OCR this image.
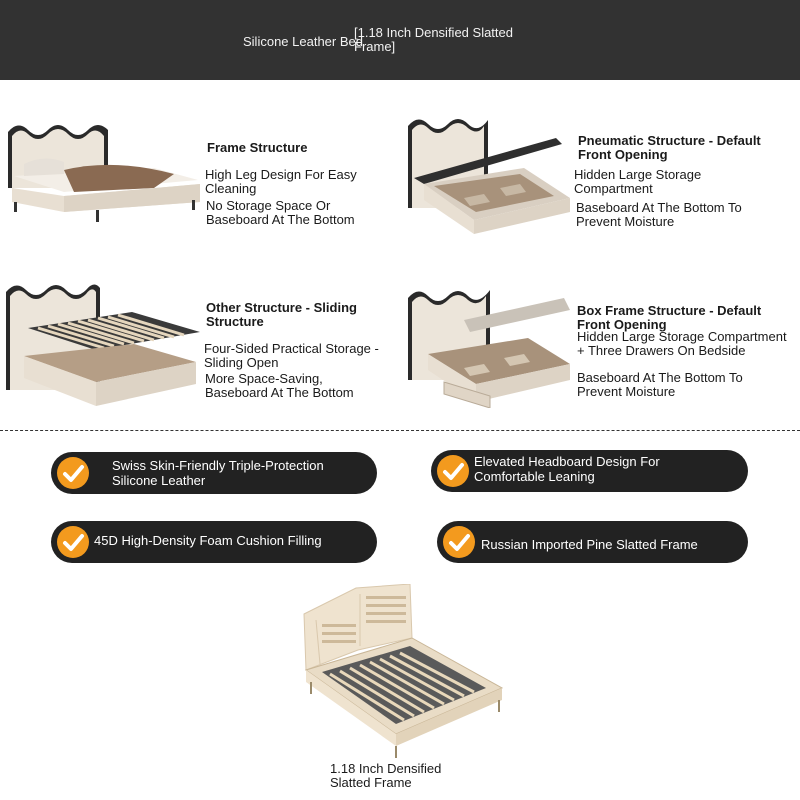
Silicone Leather Bed
[1.18 Inch Densified Slatted Frame]
Frame Structure
High Leg Design For Easy Cleaning
No Storage Space Or Baseboard At The Bottom
Pneumatic Structure - Default Front Opening
Hidden Large Storage Compartment
Baseboard At The Bottom To Prevent Moisture
Other Structure - Sliding Structure
Four-Sided Practical Storage - Sliding Open
More Space-Saving, Baseboard At The Bottom
Box Frame Structure - Default Front Opening
Hidden Large Storage Compartment + Three Drawers On Bedside
Baseboard At The Bottom To Prevent Moisture
Swiss Skin-Friendly Triple-Protection Silicone Leather
Elevated Headboard Design For Comfortable Leaning
45D High-Density Foam Cushion Filling	Russian Imported Pine Slatted Frame
1.18 Inch Densified Slatted Frame
